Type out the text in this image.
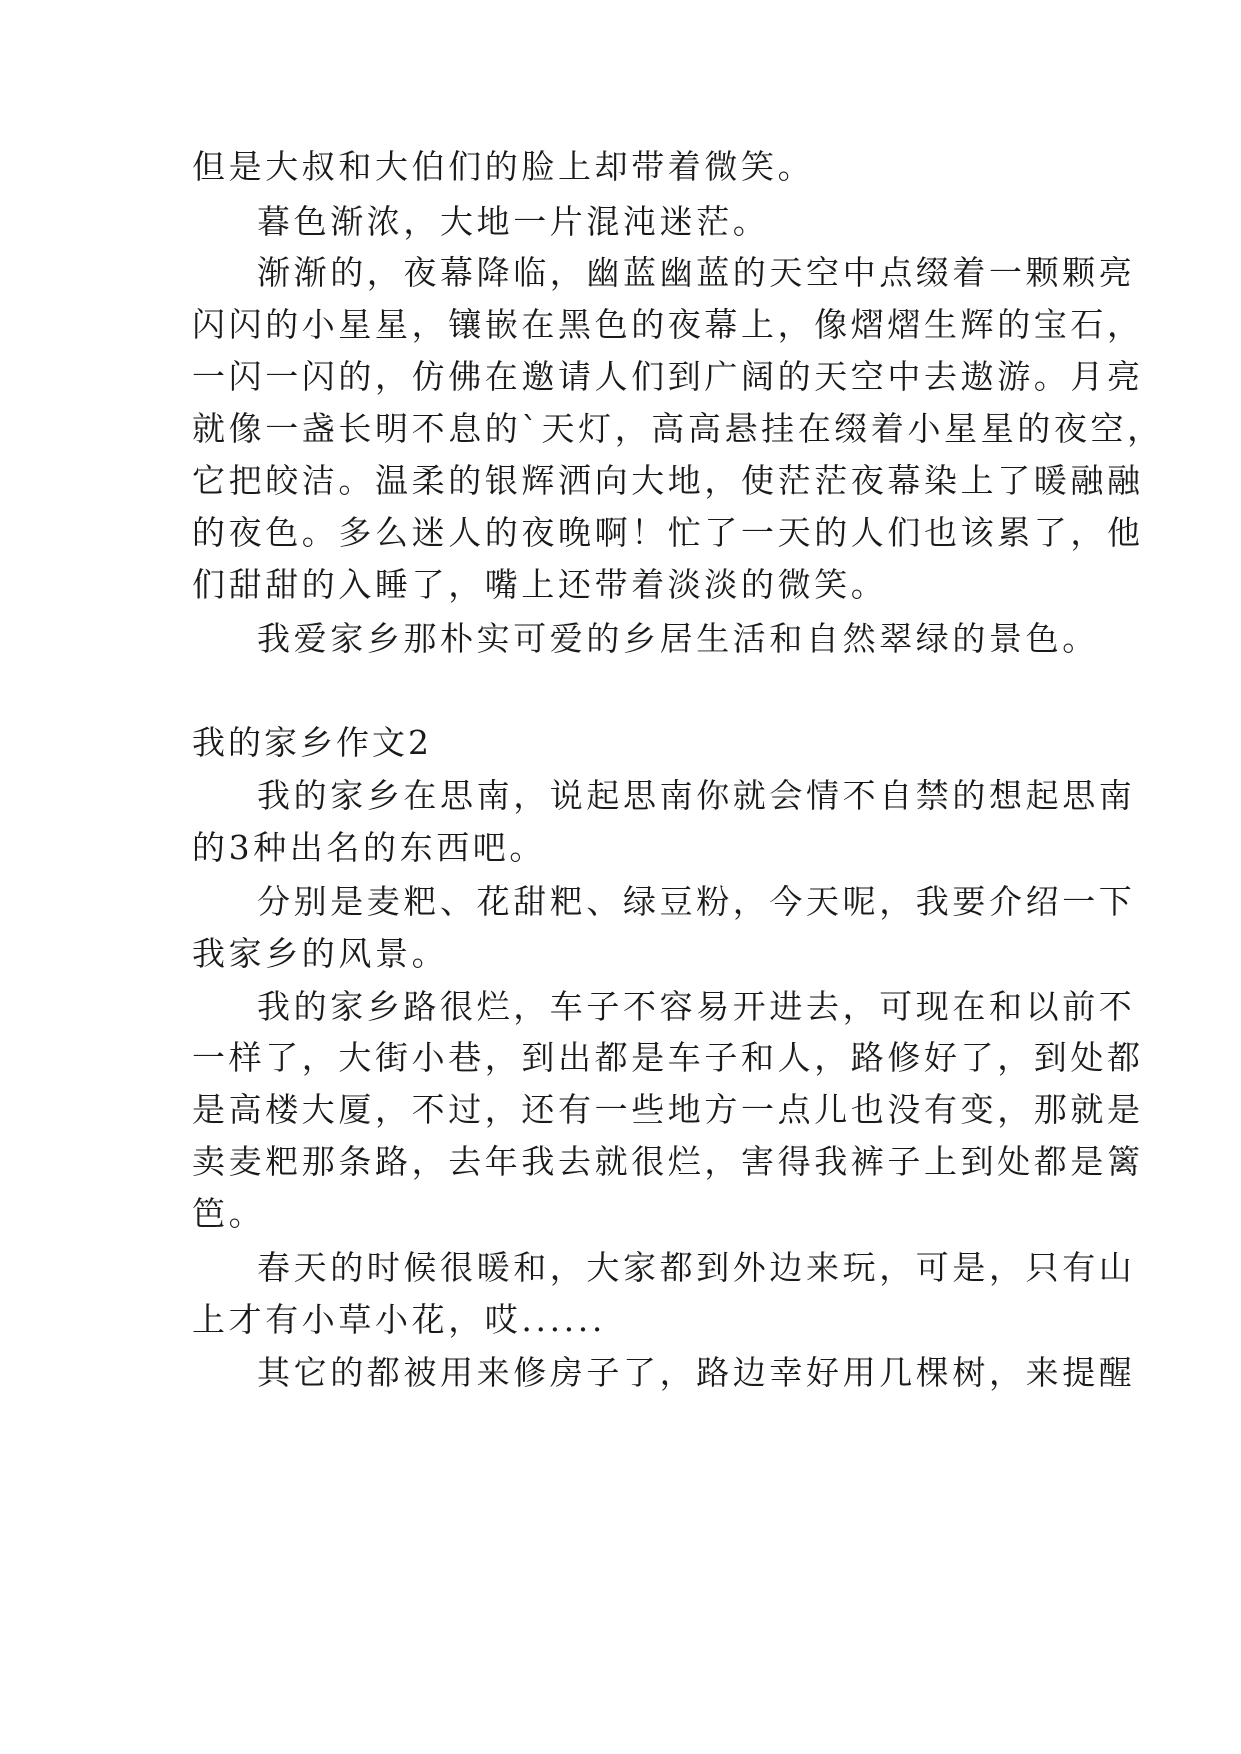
但是大叔和大伯们的脸上却带着微笑。

暮色渐浓，大地一片混沌迷茫。

渐渐的，夜幕降临，幽蓝幽蓝的天空中点缀着一颗颗亮

闪闪的小星星，镶嵌在黑色的夜幕上，像熠熠生辉的宝石，

一闪一闪的，仿佛在邀请人们到广阔的天空中去遨游。月亮

就像一盏长明不息的`天灯，高高悬挂在缀着小星星的夜空，

它把皎洁。温柔的银辉洒向大地，使茫茫夜幕染上了暖融融

的夜色。多么迷人的夜晚啊！忙了一天的人们也该累了，他

们甜甜的入睡了，嘴上还带着淡淡的微笑。

我爱家乡那朴实可爱的乡居生活和自然翠绿的景色。

我的家乡作文2

我的家乡在思南，说起思南你就会情不自禁的想起思南

的3种出名的东西吧。

分别是麦粑、花甜粑、绿豆粉，今天呢，我要介绍一下

我家乡的风景。

我的家乡路很烂，车子不容易开进去，可现在和以前不

一样了，大街小巷，到出都是车子和人，路修好了，到处都

是高楼大厦，不过，还有一些地方一点儿也没有变，那就是

卖麦粑那条路，去年我去就很烂，害得我裤子上到处都是篱

笆。

春天的时候很暖和，大家都到外边来玩，可是，只有山

上才有小草小花，哎......

其它的都被用来修房子了，路边幸好用几棵树，来提醒
